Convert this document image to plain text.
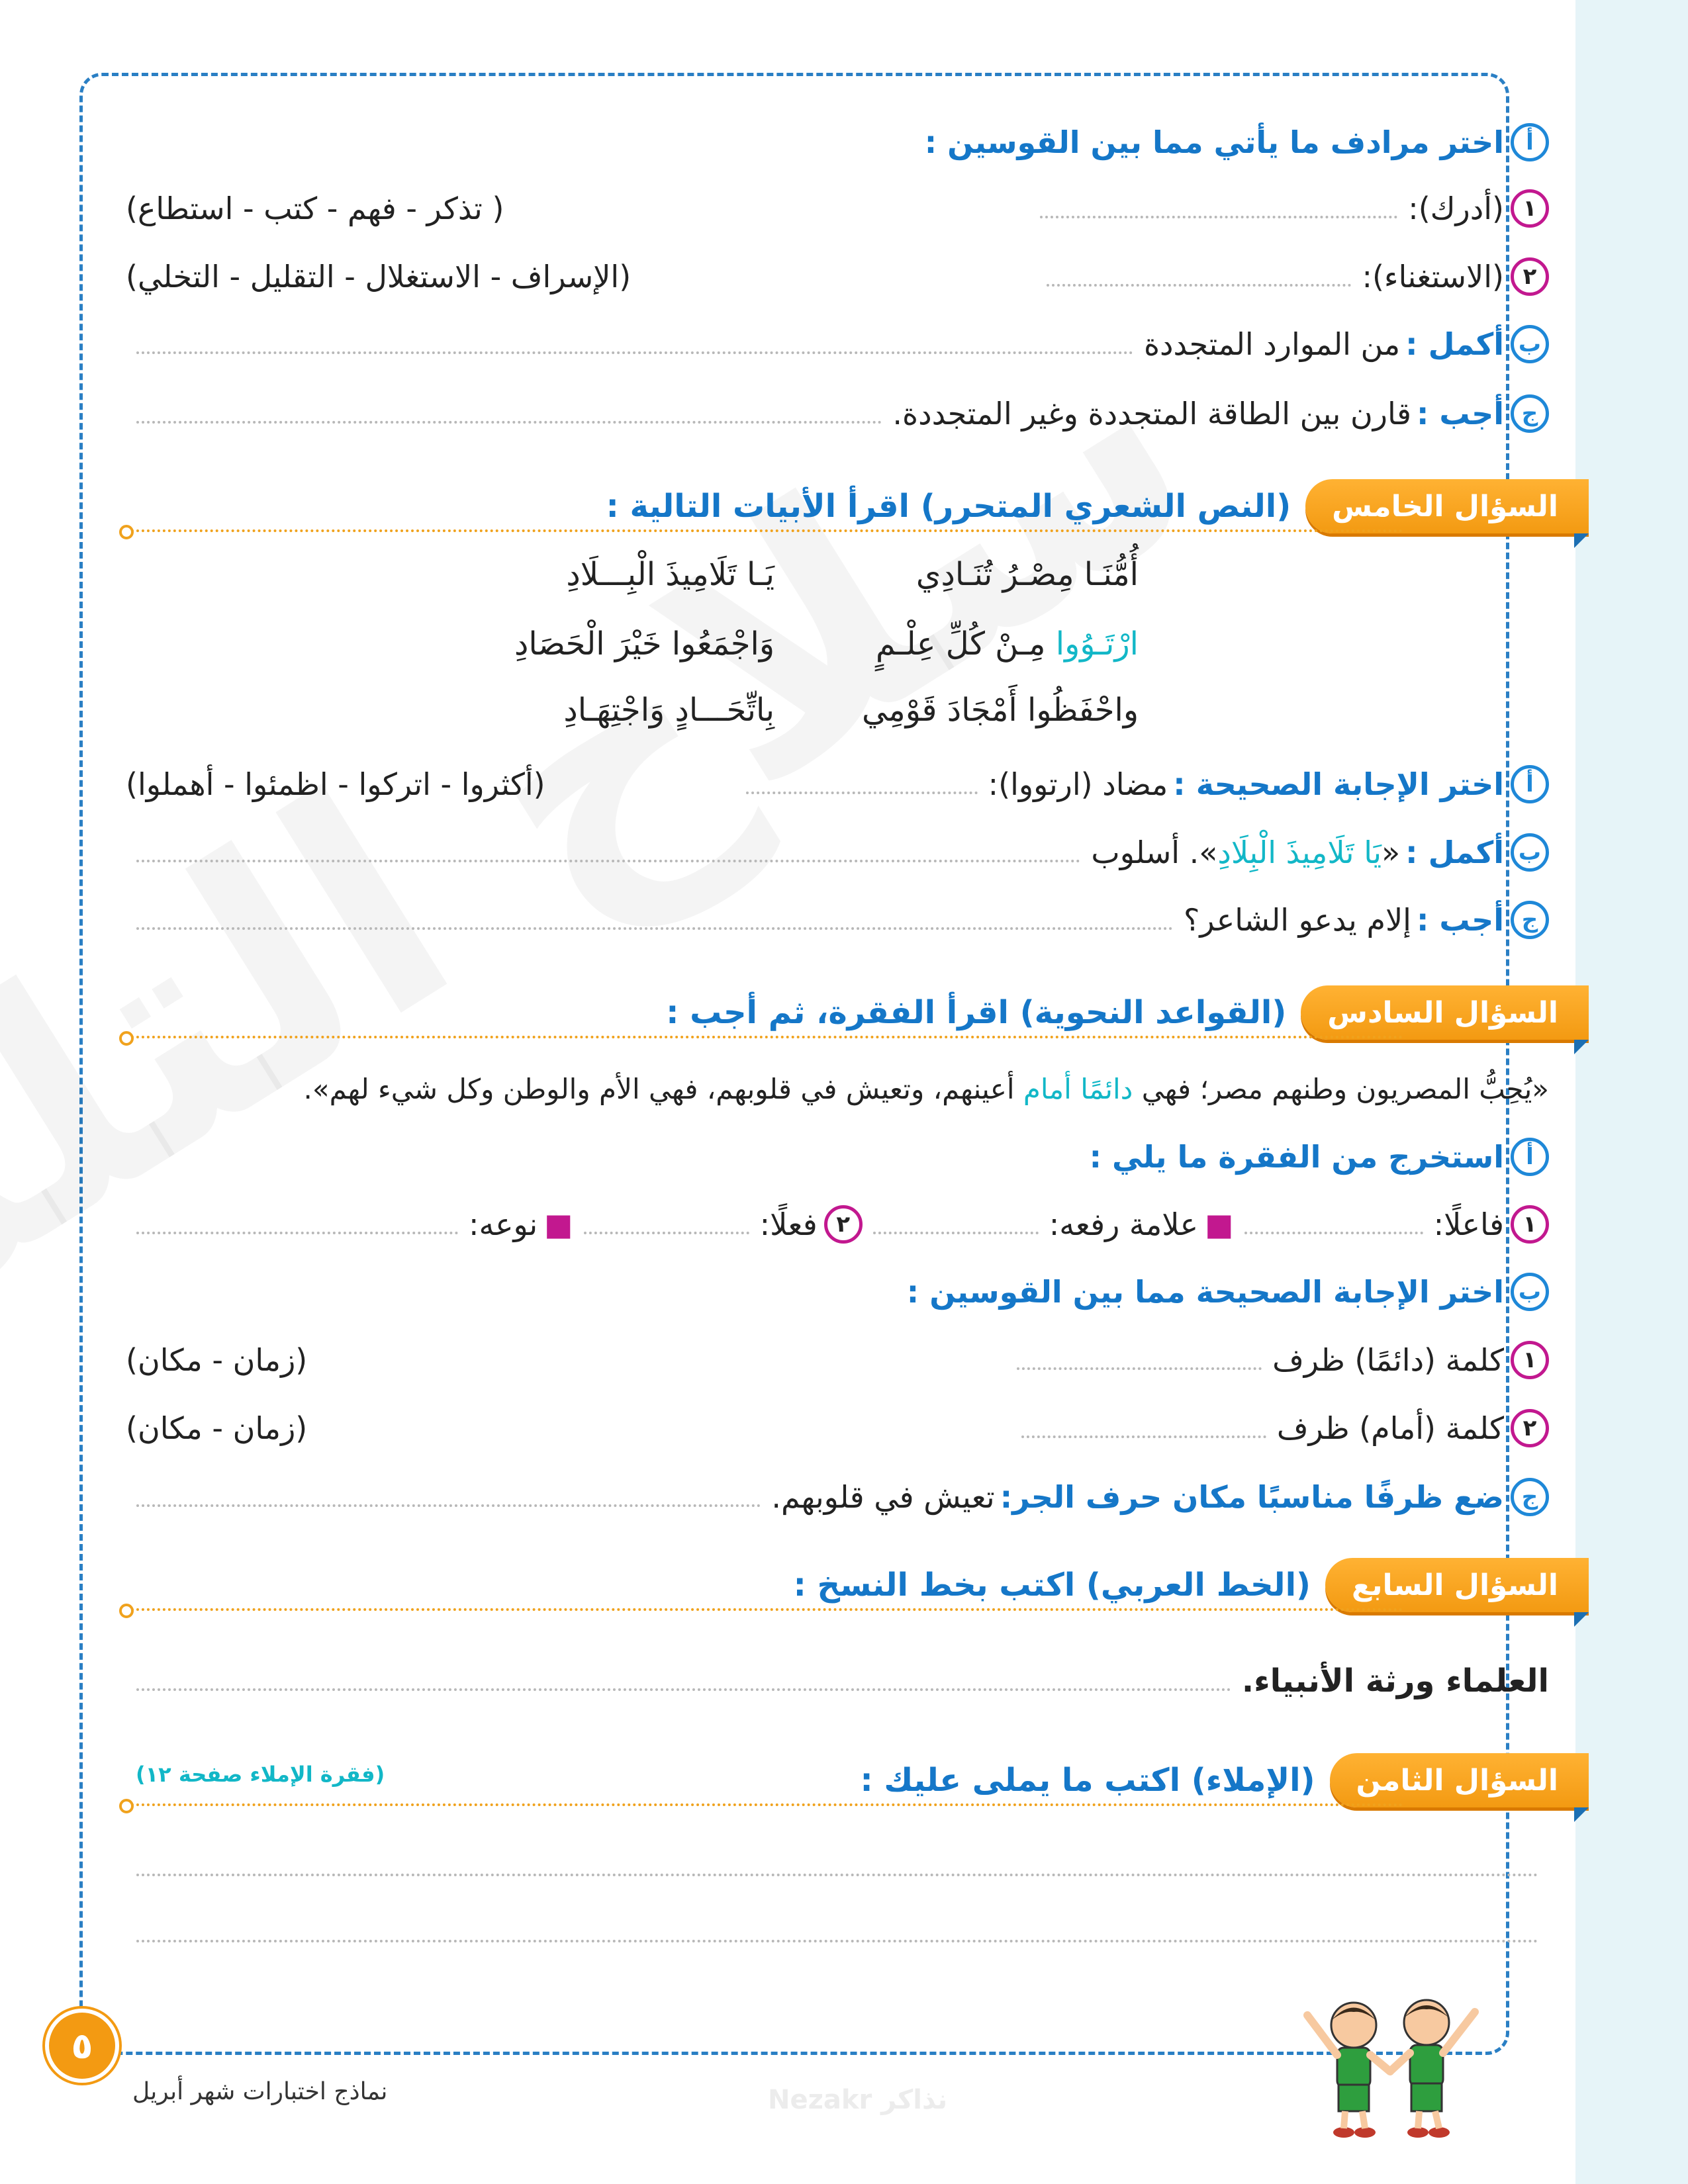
أ
اختر مرادف ما يأتي مما بين القوسين :
١
(أدرك):
( تذكر - فهم - كتب - استطاع)
٢
(الاستغناء):
(الإسراف - الاستغلال - التقليل - التخلي)
ب
أكمل :
من الموارد المتجددة
ج
أجب :
قارن بين الطاقة المتجددة وغير المتجددة.
السؤال الخامس
(النص الشعري المتحرر) اقرأ الأبيات التالية :
أُمُّنَـا مِصْـرُ تُنَـادِي
يَـا تَلَامِيذَ الْبِـــلَادِ
ارْتَـوُوا مِـنْ كُلِّ عِلْـمٍ
وَاجْمَعُوا خَيْرَ الْحَصَادِ
واحْفَظُوا أَمْجَادَ قَوْمِي
بِاتِّحَـــادٍ وَاجْتِهَـادِ
أ
اختر الإجابة الصحيحة :
مضاد (ارتووا):
(أكثروا - اتركوا - اظمئوا - أهملوا)
ب
أكمل :
«
يَا تَلَامِيذَ الْبِلَادِ
». أسلوب
ج
أجب :
إلام يدعو الشاعر؟
السؤال السادس
(القواعد النحوية) اقرأ الفقرة، ثم أجب :
«يُحِبُّ المصريون وطنهم مصر؛ فهي دائمًا أمام أعينهم، وتعيش في قلوبهم، فهي الأم والوطن وكل شيء لهم».
أ
استخرج من الفقرة ما يلي :
١
فاعلًا:
■
علامة رفعه:
٢
فعلًا:
■
نوعه:
ب
اختر الإجابة الصحيحة مما بين القوسين :
١
كلمة (دائمًا) ظرف
(زمان - مكان)
٢
كلمة (أمام) ظرف
(زمان - مكان)
ج
ضع ظرفًا مناسبًا مكان حرف الجر:
تعيش في قلوبهم.
السؤال السابع
(الخط العربي) اكتب بخط النسخ :
العلماء ورثة الأنبياء.
السؤال الثامن
(الإملاء) اكتب ما يملى عليك :
(فقرة الإملاء صفحة ١٢)
٥
نماذج اختبارات شهر أبريل	Nezakr نذاكر
